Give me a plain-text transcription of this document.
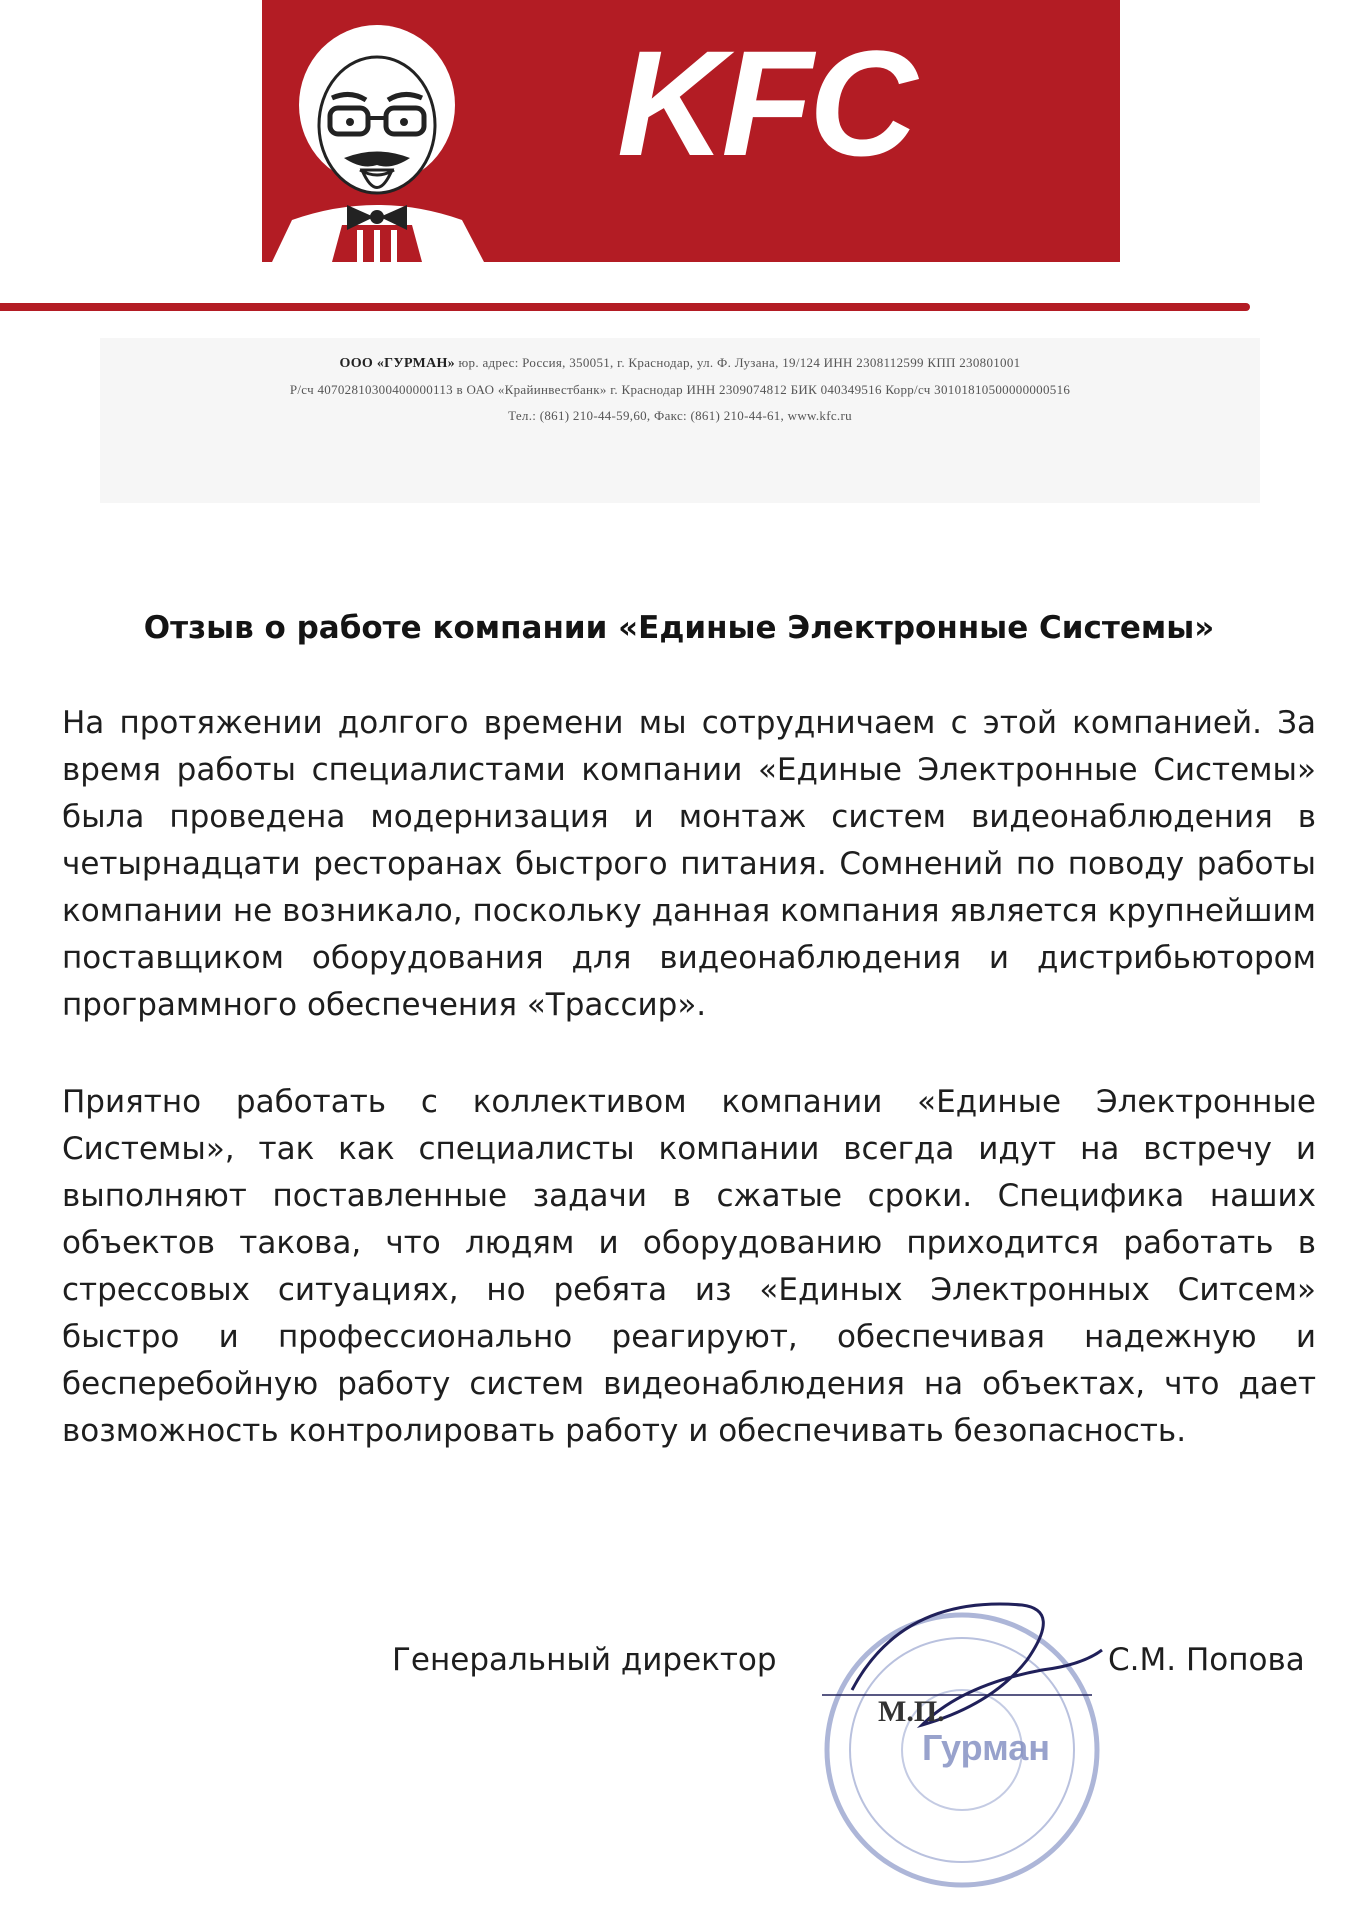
KFC
ООО «ГУРМАН» юр. адрес: Россия, 350051, г. Краснодар, ул. Ф. Лузана, 19/124 ИНН 2308112599 КПП 230801001
Р/сч 40702810300400000113 в ОАО «Крайинвестбанк» г. Краснодар ИНН 2309074812 БИК 040349516 Корр/сч 30101810500000000516
Тел.: (861) 210-44-59,60, Факс: (861) 210-44-61, www.kfc.ru
Отзыв о работе компании «Единые Электронные Системы»
На протяжении долгого времени мы сотрудничаем с этой компанией. За время работы специалистами компании «Единые Электронные Системы» была проведена модернизация и монтаж систем видеонаблюдения в четырнадцати ресторанах быстрого питания. Сомнений по поводу работы компании не возникало, поскольку данная компания является крупнейшим поставщиком оборудования для видеонаблюдения и дистрибьютором программного обеспечения «Трассир».
Приятно работать с коллективом компании «Единые Электронные Системы», так как специалисты компании всегда идут на встречу и выполняют поставленные задачи в сжатые сроки. Специфика наших объектов такова, что людям и оборудованию приходится работать в стрессовых ситуациях, но ребята из «Единых Электронных Ситсем» быстро и профессионально реагируют, обеспечивая надежную и бесперебойную работу систем видеонаблюдения на объектах, что дает возможность контролировать работу и обеспечивать безопасность.
Гурман
Генеральный директор
М.П.
С.М. Попова
